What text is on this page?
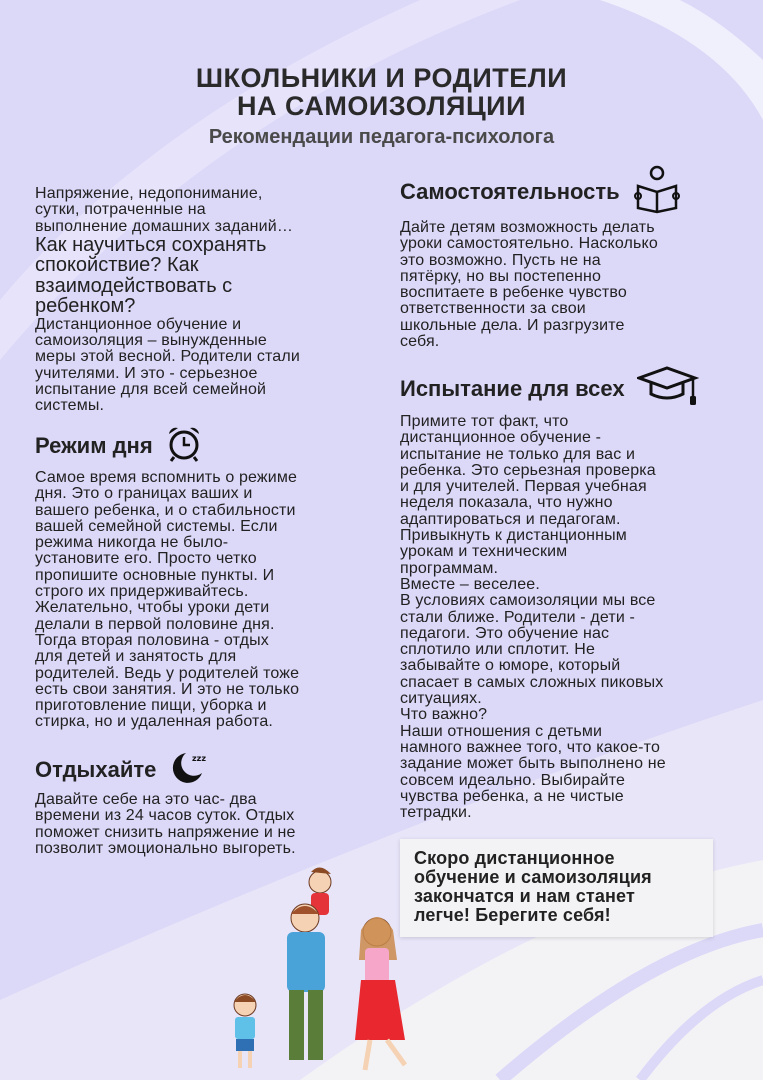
ШКОЛЬНИКИ И РОДИТЕЛИ
НА САМОИЗОЛЯЦИИ
Рекомендации педагога-психолога
Напряжение, недопонимание,
сутки, потраченные на
выполнение домашних заданий…
Как научиться сохранять
спокойствие? Как
взаимодействовать с
ребенком?
Дистанционное обучение и
самоизоляция – вынужденные
меры этой весной. Родители стали
учителями. И это - серьезное
испытание для всей семейной
системы.
Режим дня
Самое время вспомнить о режиме
дня. Это о границах ваших и
вашего ребенка, и о стабильности
вашей семейной системы. Если
режима никогда не было-
установите его. Просто четко
пропишите основные пункты. И
строго их придерживайтесь.
Желательно, чтобы уроки дети
делали в первой половине дня.
Тогда вторая половина - отдых
для детей и занятость для
родителей. Ведь у родителей тоже
есть свои занятия. И это не только
приготовление пищи, уборка и
стирка, но и удаленная работа.
Отдыхайте	zzz
Давайте себе на это час- два
времени из 24 часов суток. Отдых
поможет снизить напряжение и не
позволит эмоционально выгореть.
Самостоятельность
Дайте детям возможность делать
уроки самостоятельно. Насколько
это возможно. Пусть не на
пятёрку, но вы постепенно
воспитаете в ребенке чувство
ответственности за свои
школьные дела. И разгрузите
себя.
Испытание для всех
Примите тот факт, что
дистанционное обучение -
испытание не только для вас и
ребенка. Это серьезная проверка
и для учителей. Первая учебная
неделя показала, что нужно
адаптироваться и педагогам.
Привыкнуть к дистанционным
урокам и техническим
программам.
Вместе – веселее.
В условиях самоизоляции мы все
стали ближе. Родители - дети -
педагоги. Это обучение нас
сплотило или сплотит. Не
забывайте о юморе, который
спасает в самых сложных пиковых
ситуациях.
Что важно?
Наши отношения с детьми
намного важнее того, что какое-то
задание может быть выполнено не
совсем идеально. Выбирайте
чувства ребенка, а не чистые
тетрадки.
Скоро дистанционное
обучение и самоизоляция
закончатся и нам станет
легче! Берегите себя!
